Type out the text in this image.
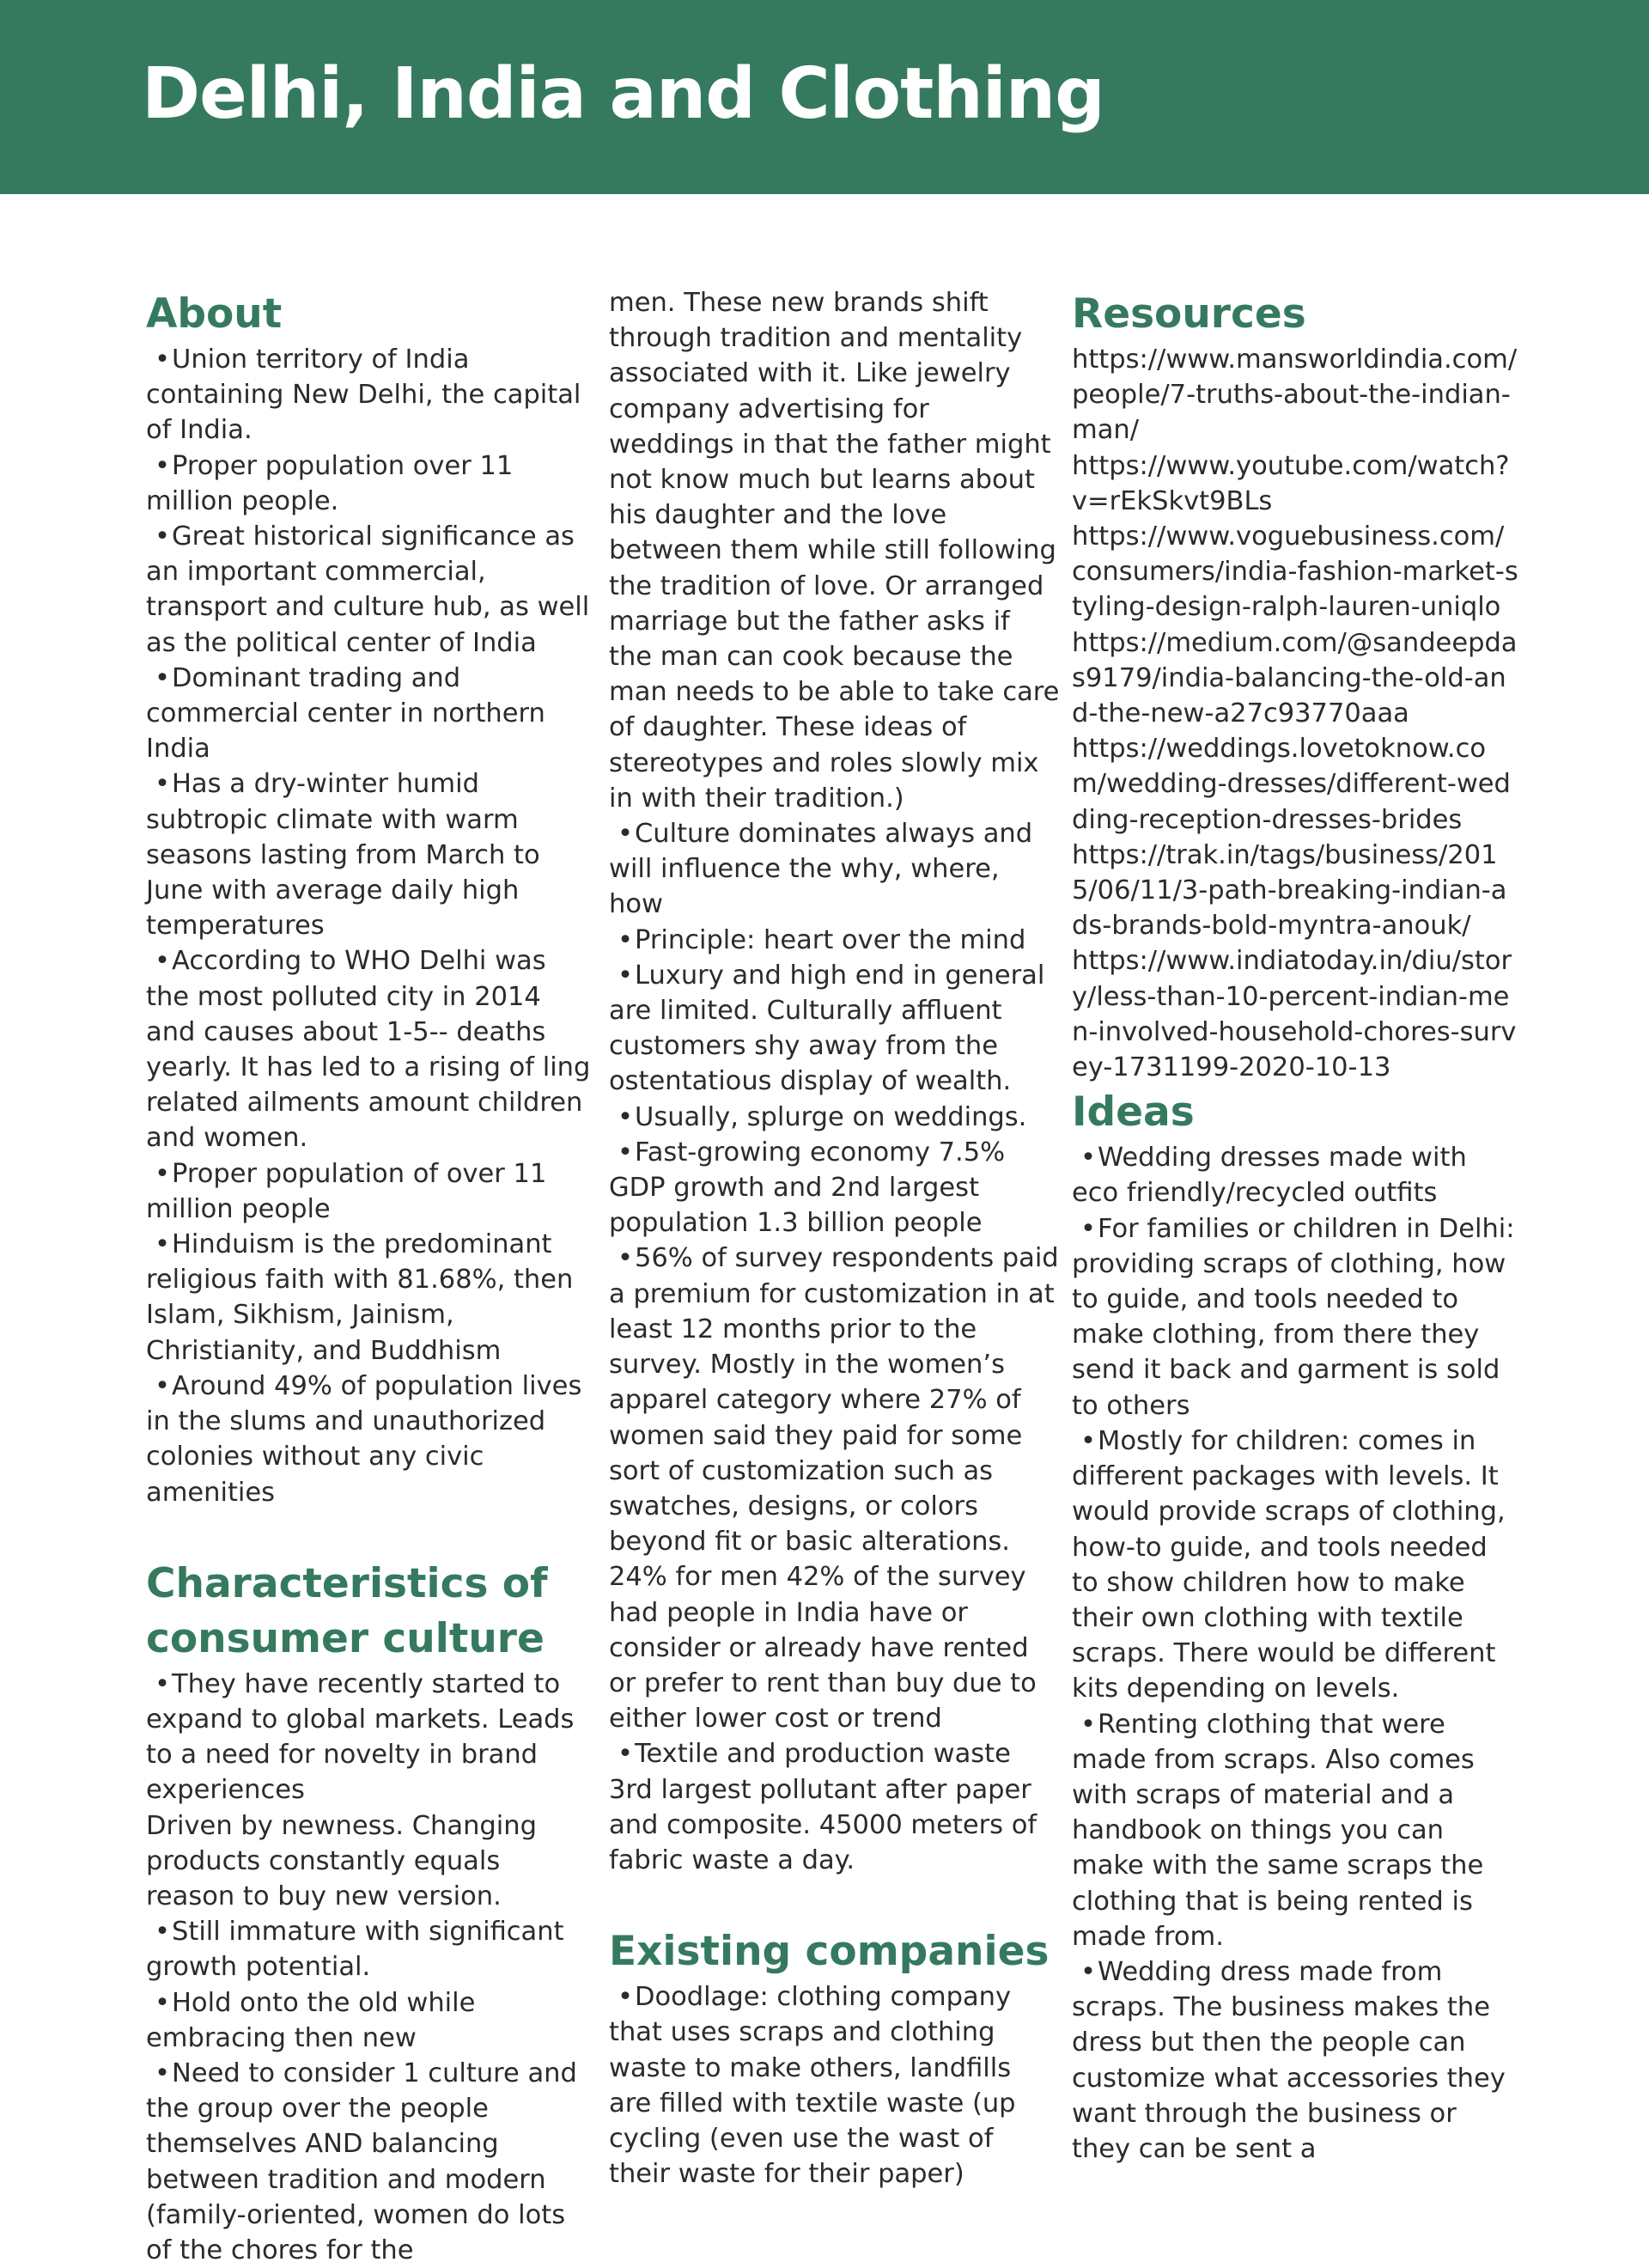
Delhi, India and Clothing
About

• Union territory of India containing New Delhi, the capital of India.

• Proper population over 11 million people.

• Great historical significance as an important commercial, transport and culture hub, as well as the political center of India

• Dominant trading and commercial center in northern India

• Has a dry-winter humid subtropic climate with warm seasons lasting from March to June with average daily high temperatures

• According to WHO Delhi was the most polluted city in 2014 and causes about 1-5-- deaths yearly. It has led to a rising of ling related ailments amount children and women.

• Proper population of over 11 million people

• Hinduism is the predominant religious faith with 81.68%, then Islam, Sikhism, Jainism, Christianity, and Buddhism

• Around 49% of population lives in the slums and unauthorized colonies without any civic amenities

Characteristics of consumer culture

• They have recently started to expand to global markets. Leads to a need for novelty in brand experiences

Driven by newness. Changing products constantly equals reason to buy new version.

• Still immature with significant growth potential.

• Hold onto the old while embracing then new

• Need to consider 1 culture and the group over the people themselves AND balancing between tradition and modern (family-oriented, women do lots of the chores for the

men. These new brands shift through tradition and mentality associated with it. Like jewelry company advertising for weddings in that the father might not know much but learns about his daughter and the love between them while still following the tradition of love. Or arranged marriage but the father asks if the man can cook because the man needs to be able to take care of daughter. These ideas of stereotypes and roles slowly mix in with their tradition.)

• Culture dominates always and will influence the why, where, how

• Principle: heart over the mind

• Luxury and high end in general are limited. Culturally affluent customers shy away from the ostentatious display of wealth.

• Usually, splurge on weddings.

• Fast-growing economy 7.5% GDP growth and 2nd largest population 1.3 billion people

• 56% of survey respondents paid a premium for customization in at least 12 months prior to the survey. Mostly in the women’s apparel category where 27% of women said they paid for some sort of customization such as swatches, designs, or colors beyond fit or basic alterations. 24% for men 42% of the survey had people in India have or consider or already have rented or prefer to rent than buy due to either lower cost or trend

• Textile and production waste 3rd largest pollutant after paper and composite. 45000 meters of fabric waste a day.

Existing companies

• Doodlage: clothing company that uses scraps and clothing waste to make others, landfills are filled with textile waste (up cycling (even use the wast of their waste for their paper)

Resources

https://www.mansworldindia.com/people/7-truths-about-the-indian-man/

https://www.youtube.com/watch?v=rEkSkvt9BLs

https://www.voguebusiness.com/consumers/india-fashion-market-styling-design-ralph-lauren-uniqlo

https://medium.com/@sandeepdas9179/india-balancing-the-old-and-the-new-a27c93770aaa

https://weddings.lovetoknow.com/wedding-dresses/different-wedding-reception-dresses-brides

https://trak.in/tags/business/2015/06/11/3-path-breaking-indian-ads-brands-bold-myntra-anouk/

https://www.indiatoday.in/diu/story/less-than-10-percent-indian-men-involved-household-chores-survey-1731199-2020-10-13

Ideas

• Wedding dresses made with eco friendly/recycled outfits

• For families or children in Delhi: providing scraps of clothing, how to guide, and tools needed to make clothing, from there they send it back and garment is sold to others

• Mostly for children: comes in different packages with levels. It would provide scraps of clothing, how-to guide, and tools needed to show children how to make their own clothing with textile scraps. There would be different kits depending on levels.

• Renting clothing that were made from scraps. Also comes with scraps of material and a handbook on things you can make with the same scraps the clothing that is being rented is made from.

• Wedding dress made from scraps. The business makes the dress but then the people can customize what accessories they want through the business or they can be sent a
